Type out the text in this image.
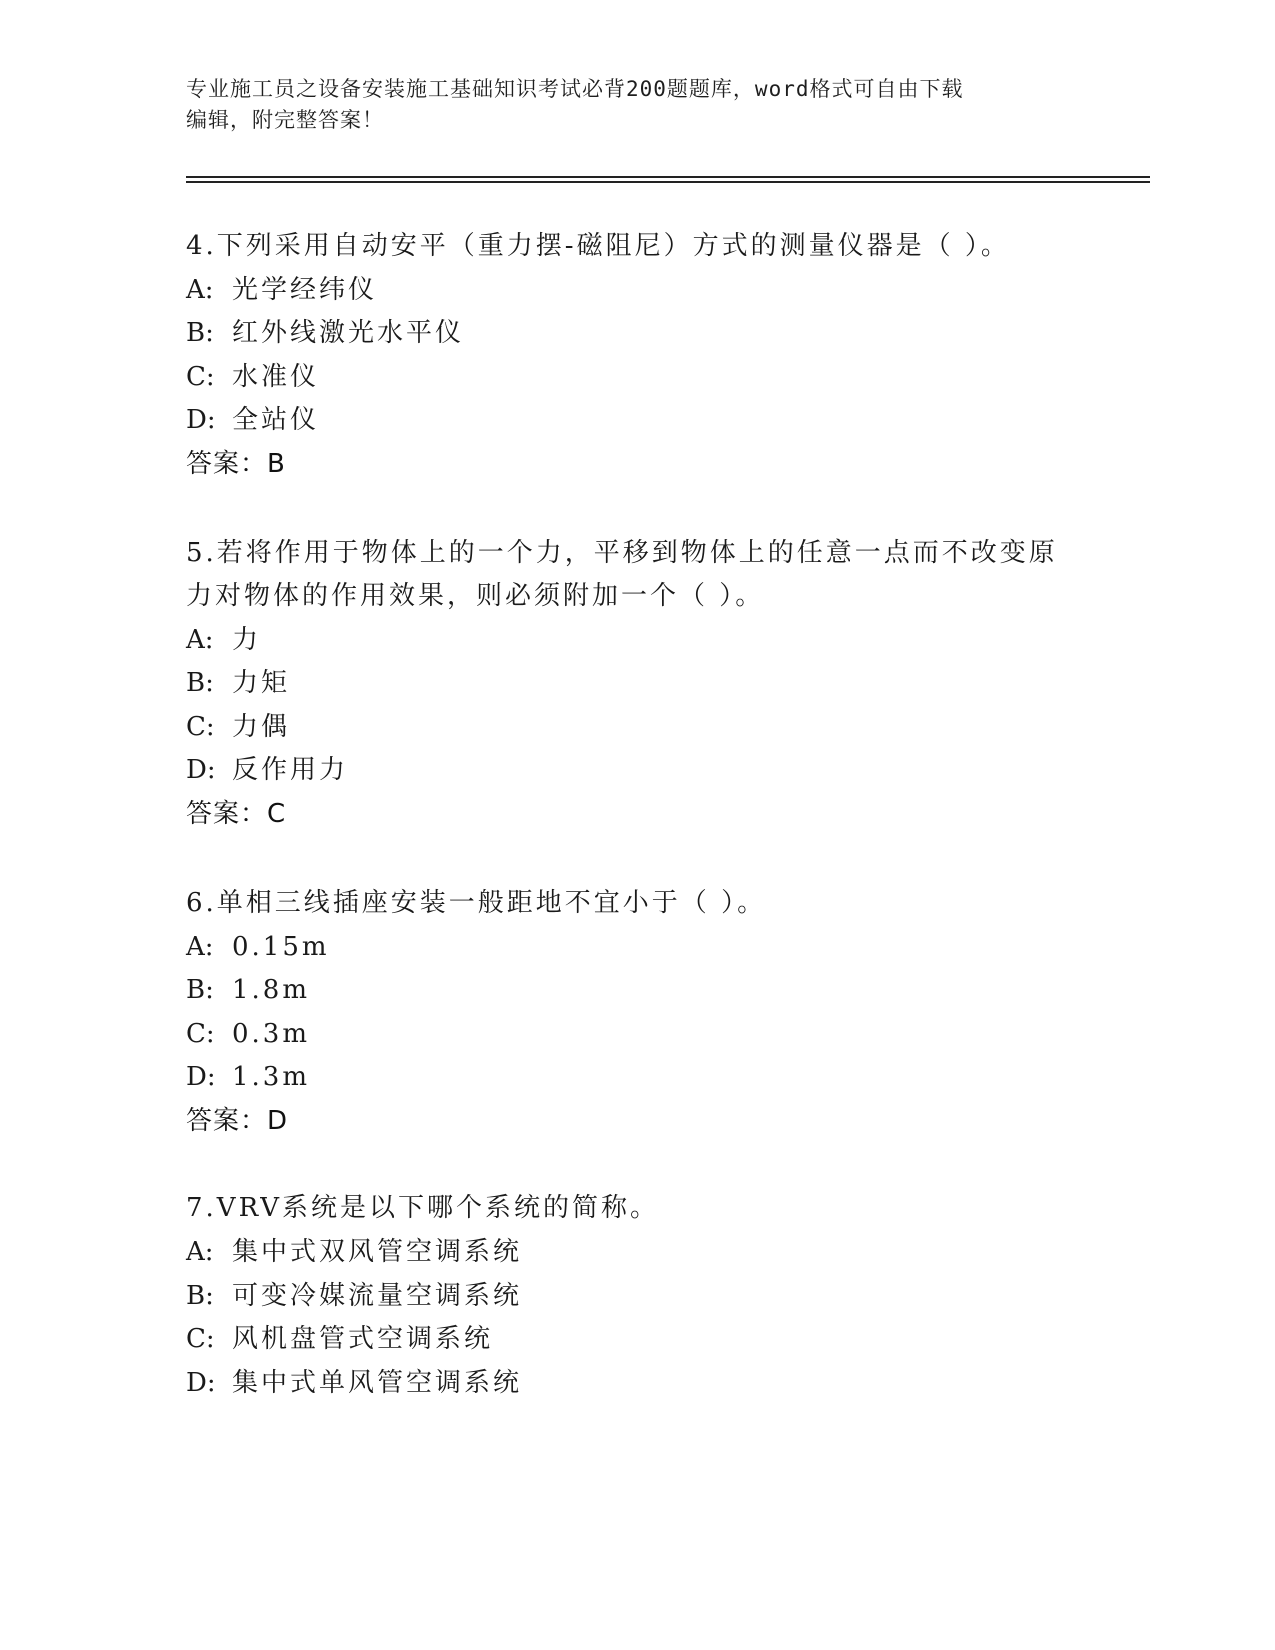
专业施工员之设备安装施工基础知识考试必背200题题库，word格式可自由下载
编辑，附完整答案！
4.下列采用自动安平（重力摆-磁阻尼）方式的测量仪器是（ ）。
A: 光学经纬仪
B: 红外线激光水平仪
C: 水准仪
D: 全站仪
答案：B
5.若将作用于物体上的一个力，平移到物体上的任意一点而不改变原
力对物体的作用效果，则必须附加一个（ ）。
A: 力
B: 力矩
C: 力偶
D: 反作用力
答案：C
6.单相三线插座安装一般距地不宜小于（ ）。
A: 0.15m
B: 1.8m
C: 0.3m
D: 1.3m
答案：D
7.VRV系统是以下哪个系统的简称。
A: 集中式双风管空调系统
B: 可变冷媒流量空调系统
C: 风机盘管式空调系统
D: 集中式单风管空调系统
